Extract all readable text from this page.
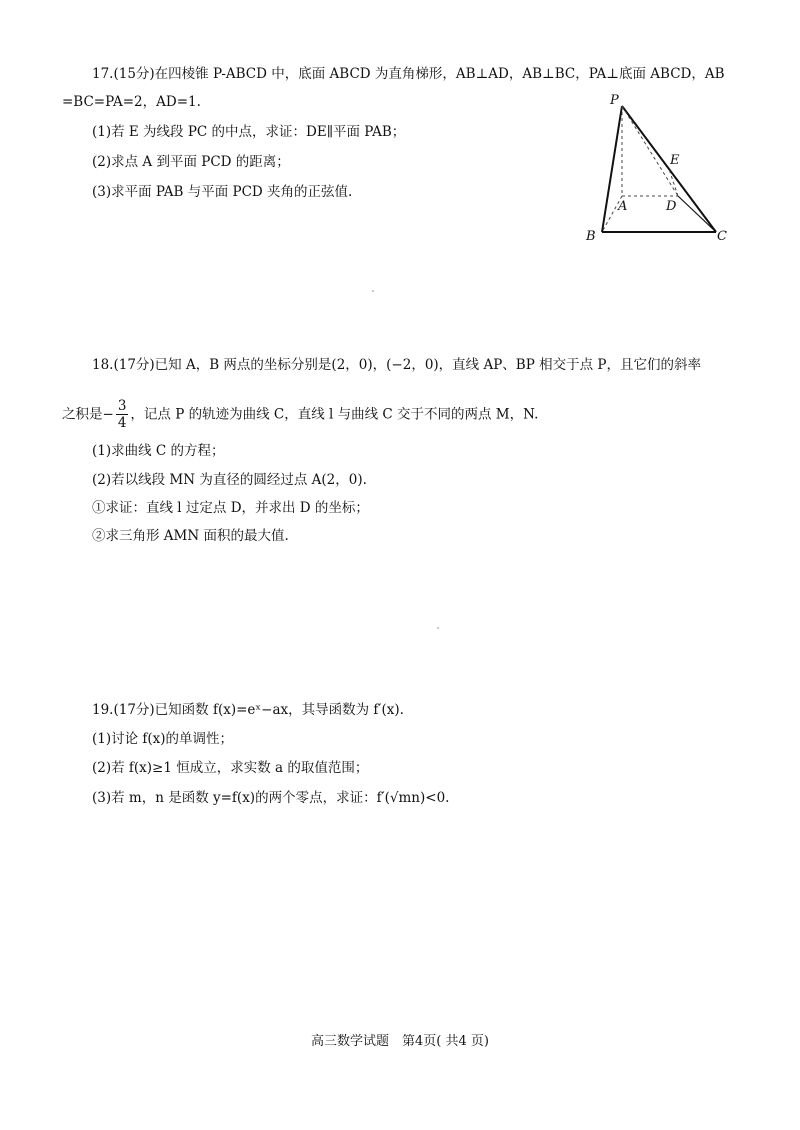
17.(15分)在四棱锥 P-ABCD 中，底面 ABCD 为直角梯形，AB⊥AD，AB⊥BC，PA⊥底面 ABCD，AB
=BC=PA=2，AD=1.
(1)若 E 为线段 PC 的中点，求证：DE∥平面 PAB；
(2)求点 A 到平面 PCD 的距离；
(3)求平面 PAB 与平面 PCD 夹角的正弦值.
P
E
A	D
B	C
18.(17分)已知 A，B 两点的坐标分别是(2，0)，(−2，0)，直线 AP、BP 相交于点 P，且它们的斜率
之积是− $\frac{3}{4}$ ，记点 P 的轨迹为曲线 C，直线 l 与曲线 C 交于不同的两点 M，N.
(1)求曲线 C 的方程；
(2)若以线段 MN 为直径的圆经过点 A(2，0).
①求证：直线 l 过定点 D，并求出 D 的坐标；
②求三角形 AMN 面积的最大值.
19.(17分)已知函数 f(x)=eˣ−ax，其导函数为 f′(x).
(1)讨论 f(x)的单调性；
(2)若 f(x)≥1 恒成立，求实数 a 的取值范围；
(3)若 m，n 是函数 y=f(x)的两个零点，求证：f′(√mn)<0.
高三数学试题　第4页( 共4 页)
